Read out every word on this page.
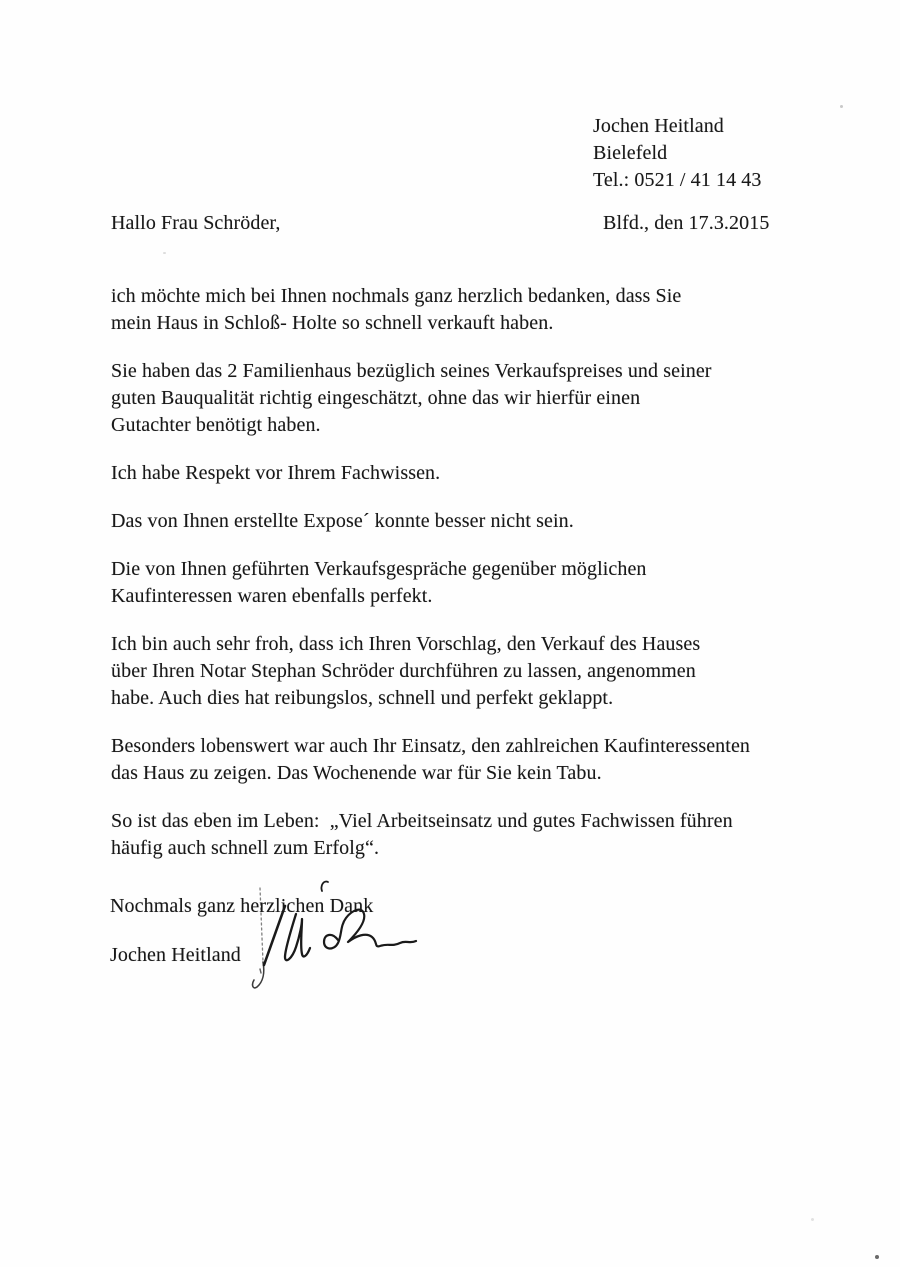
Jochen Heitland
Bielefeld
Tel.: 0521 / 41 14 43
Blfd., den 17.3.2015
Hallo Frau Schröder,
ich möchte mich bei Ihnen nochmals ganz herzlich bedanken, dass Sie
mein Haus in Schloß- Holte so schnell verkauft haben.
Sie haben das 2 Familienhaus bezüglich seines Verkaufspreises und seiner
guten Bauqualität richtig eingeschätzt, ohne das wir hierfür einen
Gutachter benötigt haben.
Ich habe Respekt vor Ihrem Fachwissen.
Das von Ihnen erstellte Expose´ konnte besser nicht sein.
Die von Ihnen geführten Verkaufsgespräche gegenüber möglichen
Kaufinteressen waren ebenfalls perfekt.
Ich bin auch sehr froh, dass ich Ihren Vorschlag, den Verkauf des Hauses
über Ihren Notar Stephan Schröder durchführen zu lassen, angenommen
habe. Auch dies hat reibungslos, schnell und perfekt geklappt.
Besonders lobenswert war auch Ihr Einsatz, den zahlreichen Kaufinteressenten
das Haus zu zeigen. Das Wochenende war für Sie kein Tabu.
So ist das eben im Leben:  „Viel Arbeitseinsatz und gutes Fachwissen führen
häufig auch schnell zum Erfolg“.
Nochmals ganz herzlichen Dank
Jochen Heitland
